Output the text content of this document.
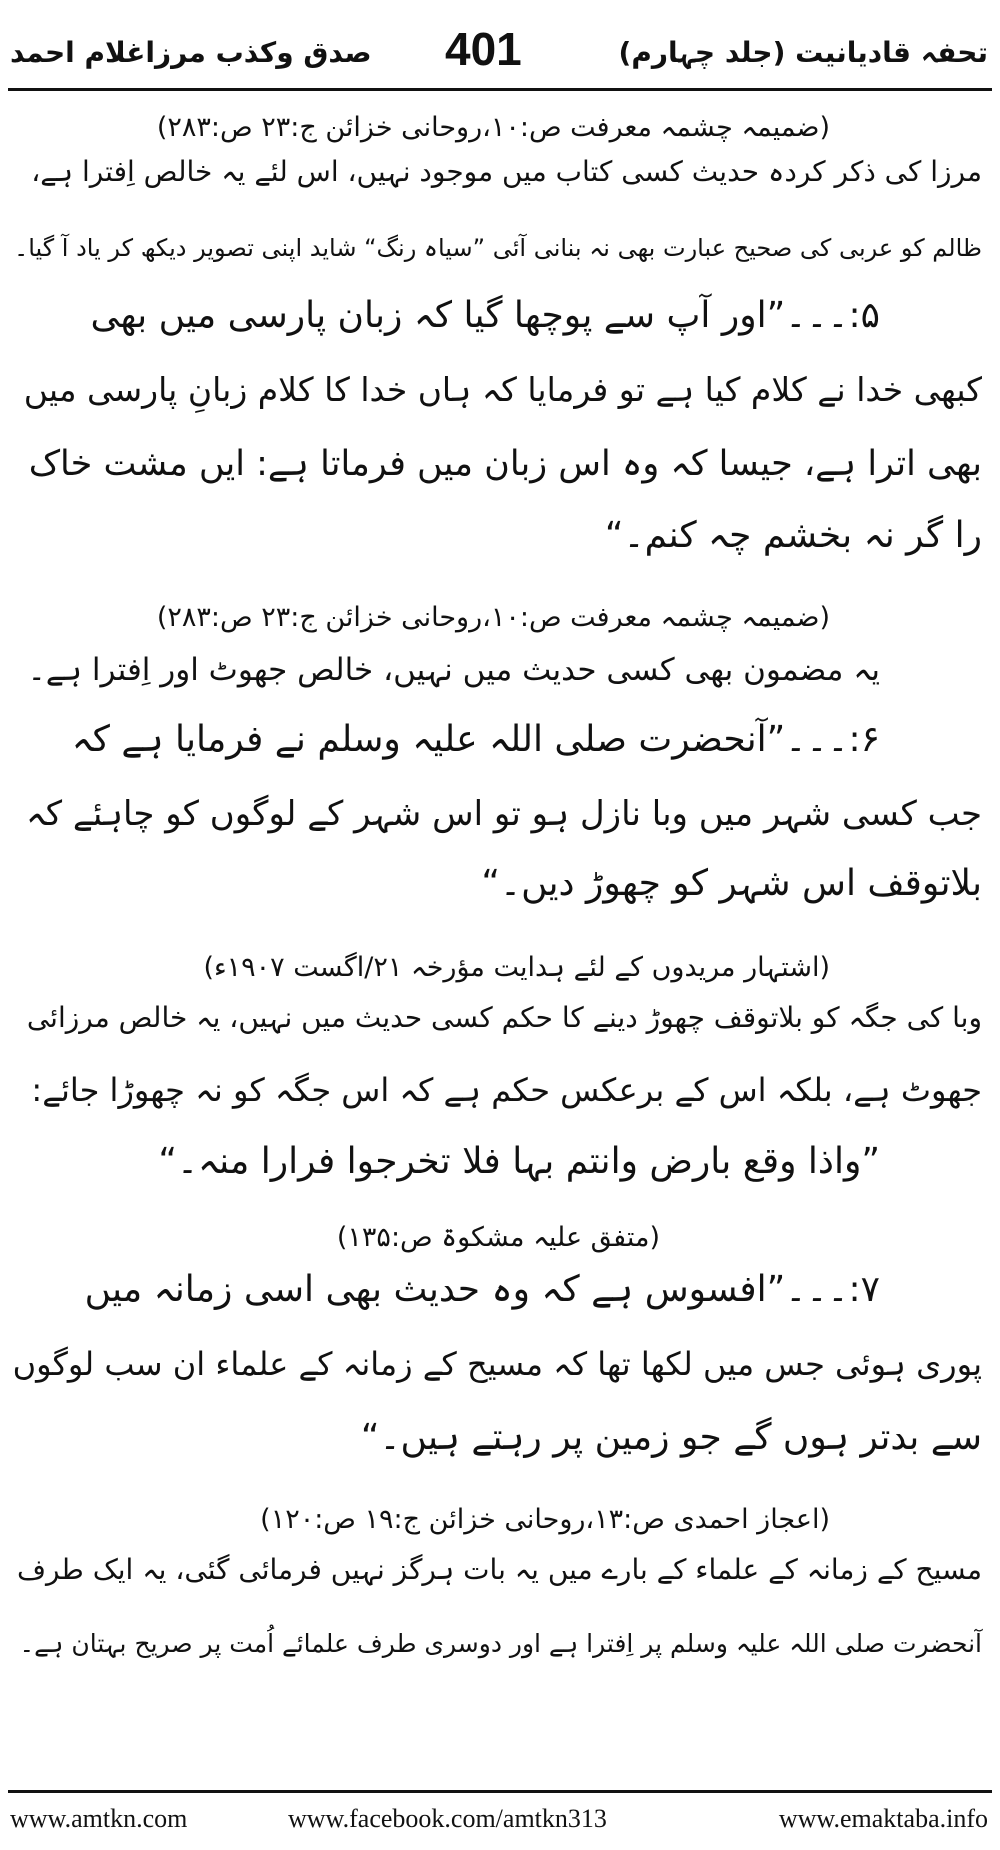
صدق وکذب مرزاغلام احمد 401	تحفہ قادیانیت (جلد چہارم)
(ضمیمہ چشمہ معرفت ص:۱۰،روحانی خزائن ج:۲۳ ص:۲۸۳)
مرزا کی ذکر کردہ حدیث کسی کتاب میں موجود نہیں، اس لئے یہ خالص اِفترا ہے،
ظالم کو عربی کی صحیح عبارت بھی نہ بنانی آئی ”سیاہ رنگ“ شاید اپنی تصویر دیکھ کر یاد آ گیا۔
۵:۔۔۔”اور آپ سے پوچھا گیا کہ زبان پارسی میں بھی
کبھی خدا نے کلام کیا ہے تو فرمایا کہ ہاں خدا کا کلام زبانِ پارسی میں
بھی اترا ہے، جیسا کہ وہ اس زبان میں فرماتا ہے: ایں مشت خاک
را گر نہ بخشم چہ کنم۔“
(ضمیمہ چشمہ معرفت ص:۱۰،روحانی خزائن ج:۲۳ ص:۲۸۳)
یہ مضمون بھی کسی حدیث میں نہیں، خالص جھوٹ اور اِفترا ہے۔
۶:۔۔۔”آنحضرت صلی اللہ علیہ وسلم نے فرمایا ہے کہ
جب کسی شہر میں وبا نازل ہو تو اس شہر کے لوگوں کو چاہئے کہ
بلاتوقف اس شہر کو چھوڑ دیں۔“
(اشتہار مریدوں کے لئے ہدایت مؤرخہ ۲۱/اگست ۱۹۰۷ء)
وبا کی جگہ کو بلاتوقف چھوڑ دینے کا حکم کسی حدیث میں نہیں، یہ خالص مرزائی
جھوٹ ہے، بلکہ اس کے برعکس حکم ہے کہ اس جگہ کو نہ چھوڑا جائے:
”واذا وقع بارض وانتم بہا فلا تخرجوا فرارا منہ۔“
(متفق علیہ مشکوۃ ص:۱۳۵)
۷:۔۔۔”افسوس ہے کہ وہ حدیث بھی اسی زمانہ میں
پوری ہوئی جس میں لکھا تھا کہ مسیح کے زمانہ کے علماء ان سب لوگوں
سے بدتر ہوں گے جو زمین پر رہتے ہیں۔“
(اعجاز احمدی ص:۱۳،روحانی خزائن ج:۱۹ ص:۱۲۰)
مسیح کے زمانہ کے علماء کے بارے میں یہ بات ہرگز نہیں فرمائی گئی، یہ ایک طرف
آنحضرت صلی اللہ علیہ وسلم پر اِفترا ہے اور دوسری طرف علمائے اُمت پر صریح بہتان ہے۔
www.amtkn.com	www.facebook.com/amtkn313	www.emaktaba.info
